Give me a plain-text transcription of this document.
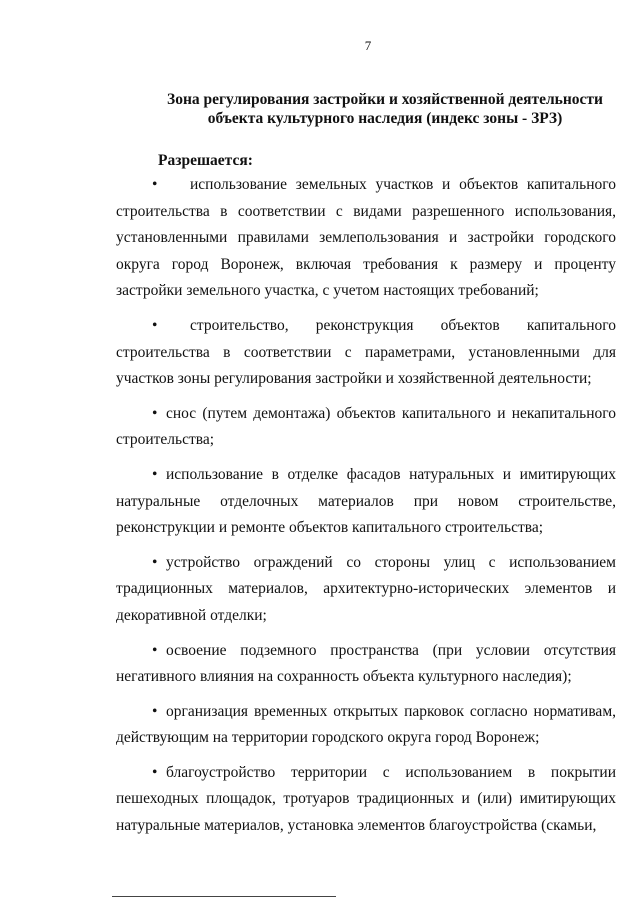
7
Зона регулирования застройки и хозяйственной деятельности
объекта культурного наследия (индекс зоны - ЗРЗ)
Разрешается:

• использование земельных участков и объектов капитального строительства в соответствии с видами разрешенного использования, установленными правилами землепользования и застройки городского округа город Воронеж, включая требования к размеру и проценту застройки земельного участка, с учетом настоящих требований;

• строительство, реконструкция объектов капитального строительства в соответствии с параметрами, установленными для участков зоны регулирования застройки и хозяйственной деятельности;

• снос (путем демонтажа) объектов капитального и некапитального строительства;

• использование в отделке фасадов натуральных и имитирующих натуральные отделочных материалов при новом строительстве, реконструкции и ремонте объектов капитального строительства;

• устройство ограждений со стороны улиц с использованием традиционных материалов, архитектурно-исторических элементов и декоративной отделки;

• освоение подземного пространства (при условии отсутствия негативного влияния на сохранность объекта культурного наследия);

• организация временных открытых парковок согласно нормативам, действующим на территории городского округа город Воронеж;

• благоустройство территории с использованием в покрытии пешеходных площадок, тротуаров традиционных и (или) имитирующих натуральные материалов, установка элементов благоустройства (скамьи,
